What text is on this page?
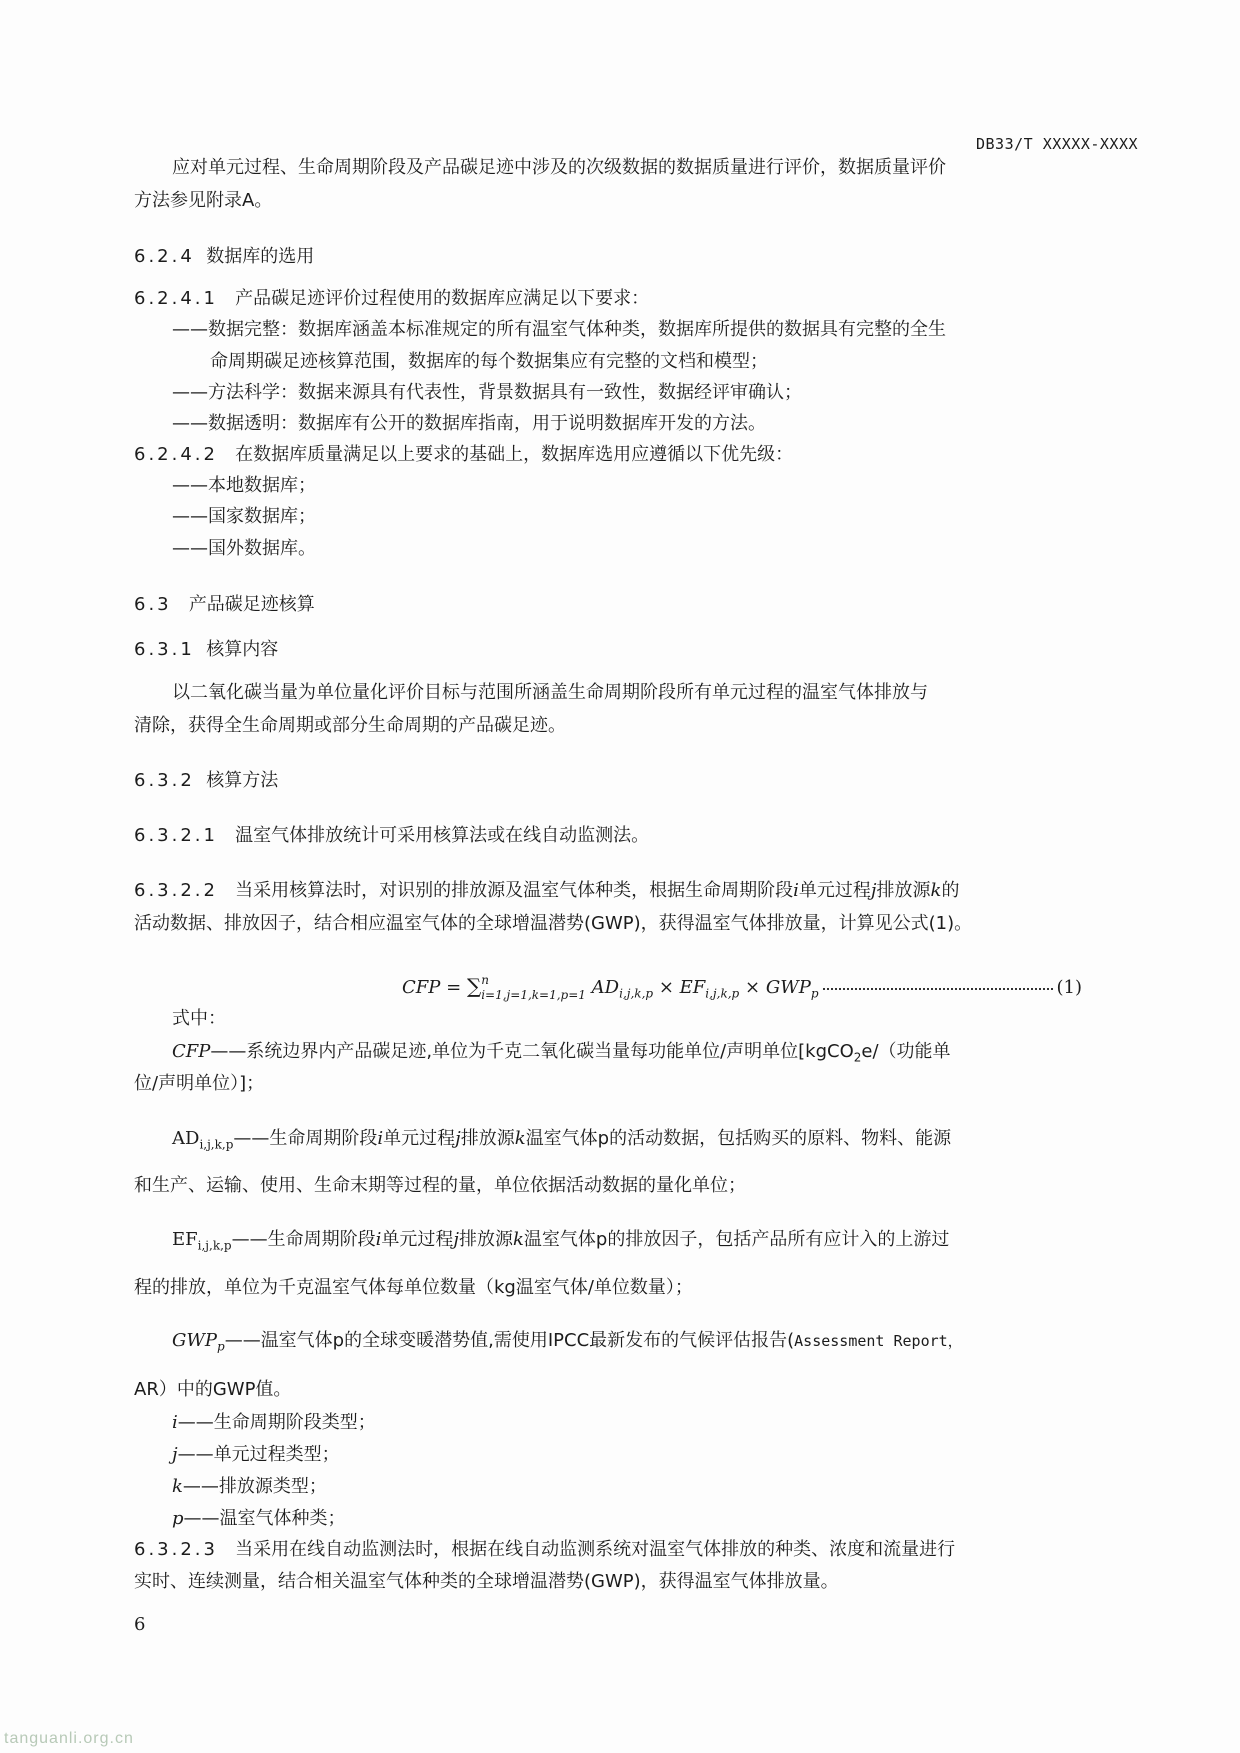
DB33/T XXXXX-XXXX
应对单元过程、生命周期阶段及产品碳足迹中涉及的次级数据的数据质量进行评价，数据质量评价
方法参见附录A。
6.2.4 数据库的选用
6.2.4.1 产品碳足迹评价过程使用的数据库应满足以下要求：
——数据完整：数据库涵盖本标准规定的所有温室气体种类，数据库所提供的数据具有完整的全生
命周期碳足迹核算范围，数据库的每个数据集应有完整的文档和模型；
——方法科学：数据来源具有代表性，背景数据具有一致性，数据经评审确认；
——数据透明：数据库有公开的数据库指南，用于说明数据库开发的方法。
6.2.4.2 在数据库质量满足以上要求的基础上，数据库选用应遵循以下优先级：
——本地数据库；
——国家数据库；
——国外数据库。
6.3 产品碳足迹核算
6.3.1 核算内容
以二氧化碳当量为单位量化评价目标与范围所涵盖生命周期阶段所有单元过程的温室气体排放与
清除，获得全生命周期或部分生命周期的产品碳足迹。
6.3.2 核算方法
6.3.2.1 温室气体排放统计可采用核算法或在线自动监测法。
6.3.2.2 当采用核算法时，对识别的排放源及温室气体种类，根据生命周期阶段i单元过程j排放源k的
活动数据、排放因子，结合相应温室气体的全球增温潜势(GWP)，获得温室气体排放量，计算见公式(1)。
CFP = ∑ n
i=1,j=1,k=1,p=1 $AD_{i,j,k,p} \times EF_{i,j,k,p} \times GWP_p$	(1)
式中：
CFP——系统边界内产品碳足迹,单位为千克二氧化碳当量每功能单位/声明单位[kgCO$_2$e/（功能单
位/声明单位）]；
$AD_{i,j,k,p}——$生命周期阶段i单元过程j排放源k温室气体p的活动数据，包括购买的原料、物料、能源
和生产、运输、使用、生命末期等过程的量，单位依据活动数据的量化单位；
$EF_{i,j,k,p}——$生命周期阶段i单元过程j排放源k温室气体p的排放因子，包括产品所有应计入的上游过
程的排放，单位为千克温室气体每单位数量（kg温室气体/单位数量）；
$GWP_p——$温室气体p的全球变暖潜势值,需使用IPCC最新发布的气候评估报告(Assessment Report，
AR）中的GWP值。
i——生命周期阶段类型；
j——单元过程类型；
k——排放源类型；
p——温室气体种类；
6.3.2.3 当采用在线自动监测法时，根据在线自动监测系统对温室气体排放的种类、浓度和流量进行
实时、连续测量，结合相关温室气体种类的全球增温潜势(GWP)，获得温室气体排放量。
6
tanguanli.org.cn
